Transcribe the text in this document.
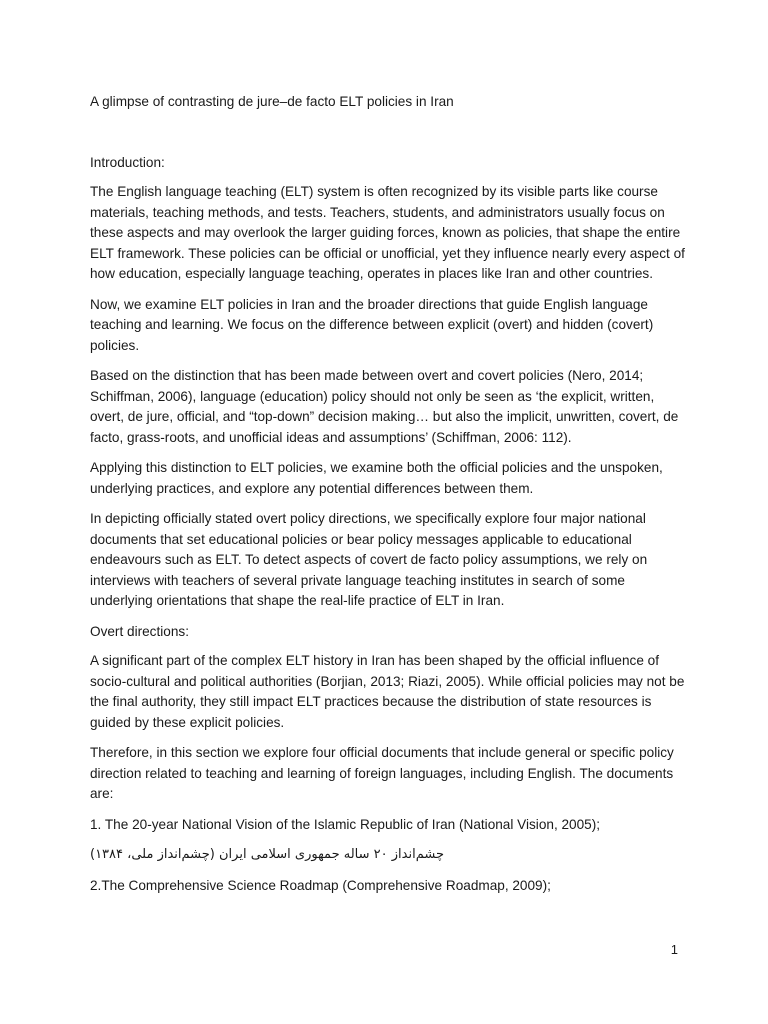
A glimpse of contrasting de jure–de facto ELT policies in Iran

Introduction:

The English language teaching (ELT) system is often recognized by its visible parts like course materials, teaching methods, and tests. Teachers, students, and administrators usually focus on these aspects and may overlook the larger guiding forces, known as policies, that shape the entire ELT framework. These policies can be official or unofficial, yet they influence nearly every aspect of how education, especially language teaching, operates in places like Iran and other countries.

Now, we examine ELT policies in Iran and the broader directions that guide English language teaching and learning. We focus on the difference between explicit (overt) and hidden (covert) policies.

Based on the distinction that has been made between overt and covert policies (Nero, 2014; Schiffman, 2006), language (education) policy should not only be seen as ‘the explicit, written, overt, de jure, official, and “top-down” decision making… but also the implicit, unwritten, covert, de facto, grass-roots, and unofficial ideas and assumptions’ (Schiffman, 2006: 112).

Applying this distinction to ELT policies, we examine both the official policies and the unspoken, underlying practices, and explore any potential differences between them.

In depicting officially stated overt policy directions, we specifically explore four major national documents that set educational policies or bear policy messages applicable to educational endeavours such as ELT. To detect aspects of covert de facto policy assumptions, we rely on interviews with teachers of several private language teaching institutes in search of some underlying orientations that shape the real-life practice of ELT in Iran.

Overt directions:

A significant part of the complex ELT history in Iran has been shaped by the official influence of socio-cultural and political authorities (Borjian, 2013; Riazi, 2005). While official policies may not be the final authority, they still impact ELT practices because the distribution of state resources is guided by these explicit policies.

Therefore, in this section we explore four official documents that include general or specific policy direction related to teaching and learning of foreign languages, including English. The documents are:

1. The 20-year National Vision of the Islamic Republic of Iran (National Vision, 2005);

چشم‌انداز ۲۰ ساله جمهوری اسلامی ایران (چشم‌انداز ملی، ۱۳۸۴)

2.The Comprehensive Science Roadmap (Comprehensive Roadmap, 2009);

1
